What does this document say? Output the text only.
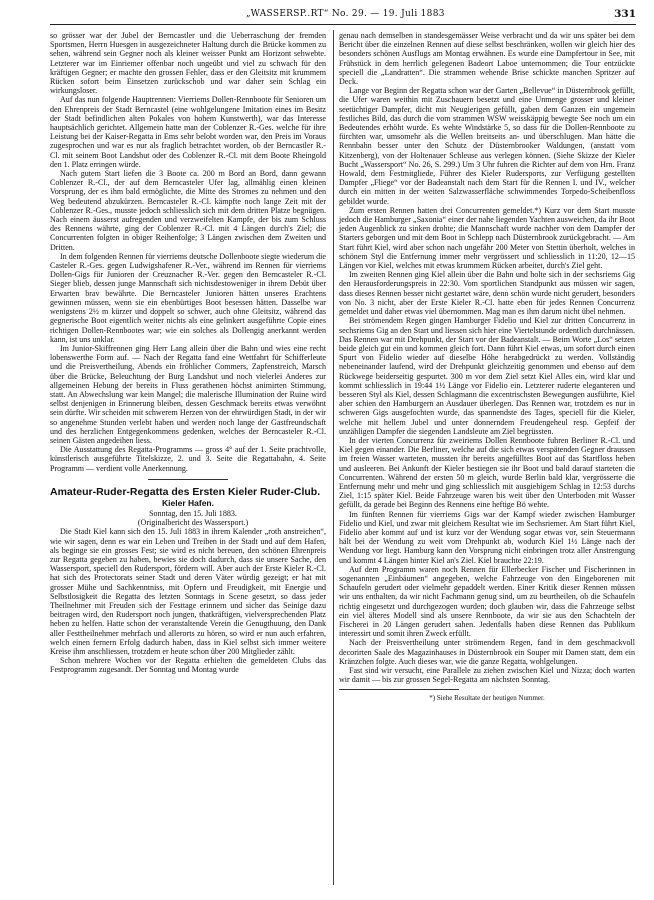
„WASSERSP..RT“ No. 29. — 19. Juli 1883	331

so grösser war der Jubel der Berncastler und die Ueberraschung der fremden Sportsmen, Herrn Huesgen in ausgezeichneter Haltung durch die Brücke kommen zu sehen, während sein Gegner noch als kleiner weisser Punkt am Horizont sehwebte. Letzterer war im Einriemer offenbar noch ungeübt und viel zu schwach für den kräftigen Gegner; er machte den grossen Fehler, dass er den Gleitsitz mit krummem Rücken sofort beim Einsetzen zurückschob und war daher sein Schlag ein wirkungsloser.

Auf das nun folgende Hauptrennen: Vierriems Dollen-Rennboote für Senioren um den Ehrenpreis der Stadt Berncastel (eine wohlgelungene Imitation eines im Besitz der Stadt befindlichen alten Pokales von hohem Kunstwerth), war das Interesse hauptsächlich gerichtet. Allgemein hatte man der Coblenzer R.-Ges. welche für ihre Leistung bei der Kaiser-Regatta in Ems sehr belobt worden war, den Preis im Voraus zugesprochen und war es nur als fraglich betrachtet worden, ob der Berncastler R.-Cl. mit seinem Boot Landshut oder des Coblenzer R.-Cl. mit dem Boote Rheingold den 1. Platz erringen würde.

Nach gutem Start liefen die 3 Boote ca. 200 m Bord an Bord, dann gewann Coblenzer R.-Cl., der auf dem Berncasteler Ufer lag, allmählig einen kleinen Vorsprung, der es ihm bald ermöglichte, die Mitte des Stromes zu nehmen und den Weg bedeutend abzukürzen. Berncasteler R.-Cl. kämpfte noch lange Zeit mit der Coblenzer R.-Ges., musste jedoch schliesslich sich mit dem dritten Platze begnügen. Nach einem äusserst aufregenden und verzweifelten Kampfe, der bis zum Schluss des Rennens währte, ging der Coblenzer R.-Cl. mit 4 Längen durch's Ziel; die Concurrenten folgten in obiger Reihenfolge; 3 Längen zwischen dem Zweiten und Dritten.

In dem folgenden Rennen für vierriems deutsche Dollenboote siegte wiederum die Casteler R.-Ges. gegen Ludwigshafener R.-Ver., während im Rennen für vierriems Dollen-Gigs für Junioren der Creuznacher R.-Ver. gegen den Berncasteler R.-Cl. Sieger blieb, dessen junge Mannschaft sich nichtsdestoweniger in ihrem Debüt über Erwarten brav bewährte. Die Berncasteler Junioren hätten unseres Erachtens gewinnen müssen, wenn sie ein ebenbürtiges Boot besessen hätten. Dasselbe war wenigstens 2½ m kürzer und doppelt so schwer, auch ohne Gleitsitz, während das gegnerische Boot eigentlich weiter nichts als eine gelinkert ausgeführte Copie eines richtigen Dollen-Rennbootes war; wie ein solches als Dollengig anerkannt werden kann, ist uns unklar.

Im Junior-Skiffrennen ging Herr Lang allein über die Bahn und wies eine recht lobenswerthe Form auf. — Nach der Regatta fand eine Wettfahrt für Schifferleute und die Preisvertheilung, Abends ein fröhlicher Commers, Zapfenstreich, Marsch über die Brücke, Beleuchtung der Burg Landshut und noch vielerlei Anderes zur allgemeinen Hebung der bereits in Fluss gerathenen höchst animirten Stimmung, statt. An Abwechslung war kein Mangel; die malerische Illumination der Ruine wird selbst denjenigen in Erinnerung bleiben, dessen Geschmack bereits etwas verwöhnt sein dürfte. Wir scheiden mit schwerem Herzen von der ehrwürdigen Stadt, in der wir so angenehme Stunden verlebt haben und werden noch lange der Gastfreundschaft und des herzlichen Entgegenkommens gedenken, welches der Berncasteler R.-Cl. seinen Gästen angedeihen liess.

Die Ausstattung des Regatta-Programms — gross 4° auf der 1. Seite prachtvolle, künstlerisch ausgeführte Titelskizze, 2. und 3. Seite die Regattabahn, 4. Seite Programm — verdient volle Anerkennung.

Amateur-Ruder-Regatta des Ersten Kieler Ruder-Club.
Kieler Hafen.

Sonntag, den 15. Juli 1883.

(Originalbericht des Wassersport.)

Die Stadt Kiel kann sich den 15. Juli 1883 in ihrem Kalender „roth anstreichen“, wie wir sagen, denn es war ein Leben und Treiben in der Stadt und auf dem Hafen, als beginge sie ein grosses Fest; sie wird es nicht bereuen, den schönen Ehrenpreis zur Regatta gegeben zu haben, bewies sie doch dadurch, dass sie unsere Sache, den Wassersport, speciell den Rudersport, fördern will. Aber auch der Erste Kieler R.-Cl. hat sich des Protectorats seiner Stadt und deren Väter würdig gezeigt; er hat mit grosser Mühe und Sachkenntniss, mit Opfern und Freudigkeit, mit Energie und Selbstlosigkeit die Regatta des letzten Sonntags in Scene gesetzt, so dass jeder Theilnehmer mit Freuden sich der Festtage erinnern und sicher das Seinige dazu beitragen wird, den Rudersport noch jungen, thatkräftigen, vielversprechenden Platz heben zu helfen. Hatte schon der veranstaltende Verein die Genugthuung, den Dank aller Festtheilnehmer mehrfach und allerorts zu hören, so wird er nun auch erfahren, welch einen fernern Erfolg dadurch haben, dass in Kiel selbst sich immer weitere Kreise ihm anschliessen, trotzdem er heute schon über 200 Mitglieder zählt.

Schon mehrere Wochen vor der Regatta erhielten die gemeldeten Clubs das Festprogramm zugesandt. Der Sonntag und Montag wurde

genau nach demselben in standesgemässer Weise verbracht und da wir uns später bei dem Bericht über die einzelnen Rennen auf diese selbst beschränken, wollen wir gleich hier des besonders schönen Ausflugs am Montag erwähnen. Es wurde eine Dampfertour in See, mit Frühstück in dem herrlich gelegenen Badeort Laboe unternommen; die Tour entzückte speciell die „Landratten“. Die strammen wehende Brise schickte manchen Spritzer auf Deck.

Lange vor Beginn der Regatta schon war der Garten „Bellevue“ in Düsternbrook gefüllt, die Ufer waren weithin mit Zuschauern besetzt und eine Unmenge grosser und kleiner seetüchtiger Dampfer, dicht mit Neugierigen gefüllt, gaben dem Ganzen ein ungemein festliches Bild, das durch die vom strammen WSW weisskäppig bewegte See noch um ein Bedeutendes erhöht wurde. Es wehte Windstärke 5, so dass für die Dollen-Rennboote zu fürchten war, umsomehr als die Wellen breitseits an- und überschlugen. Man hätte die Rennbahn besser unter den Schutz der Düsternbrooker Waldungen, (anstatt vom Kitzenberg), von der Holtenauer Schleuse aus verlegen können. (Siehe Skizze der Kieler Bucht „Wassersport“ No. 26, S. 299.) Um 3 Uhr fuhren die Richter auf dem von Hrn. Franz Howald, dem Festmitgliede, Führer des Kieler Rudersports, zur Verfügung gestellten Dampfer „Fliege“ vor der Badeanstalt nach dem Start für die Rennen I. und IV., welcher durch ein mitten in der weiten Salzwasserfläche schwimmendes Torpedo-Scheibenfloss gebildet wurde.

Zum ersten Rennen hatten drei Concurrenten gemeldet.*) Kurz vor dem Start musste jedoch die Hamburger „Saxonia“ einer der nahe liegenden Yachten ausweichen, da ihr Boot jeden Augenblick zu sinken drohte; die Mannschaft wurde nachher von dem Dampfer der Starters geborgen und mit dem Boot in Schlepp nach Düsternbrook zurückgebracht. — Am Start führt Kiel, wird aber schon nach ungefähr 200 Meter von Stettin überholt, welches in schönem Styl die Entfernung immer mehr vergrössert und schliesslich in 11:20, 12—15 Längen vor Kiel, welches mit etwas krummem Rücken arbeitet, durch's Ziel geht.

Im zweiten Rennen ging Kiel allein über die Bahn und holte sich in der sechsriems Gig den Herausforderungspreis in 22:30. Vom sportlichen Standpunkt aus müssen wir sagen, dass dieses Rennen besser nicht gestartet wäre, denn schön wurde nicht gerudert, besonders von No. 3 nicht, aber der Erste Kieler R.-Cl. hatte eben für jedes Rennen Concurrenz gemeldet und daher etwas viel übernommen. Mag man es ihm darum nicht übel nehmen.

Bei strömendem Regen gingen Hamburger Fidelio und Kiel zur dritten Concurrenz in sechsriems Gig an den Start und liessen sich hier eine Viertelstunde ordentlich durchnässen. Das Rennen war mit Drehpunkt, der Start vor der Badeanstalt. — Beim Worte „Los“ setzen beide gleich gut ein und kommen gleich fort. Dann führt Kiel etwas, um sofort durch einen Spurt von Fidelio wieder auf dieselbe Höhe herabgedrückt zu werden. Vollständig nebeneinander laufend, wird der Drehpunkt gleichzeitig genommen und ebenso auf dem Rückwege beiderseitig gespurtet. 300 m vor dem Ziel setzt Kiel Alles ein, wird klar und kommt schliesslich in 19:44 1½ Länge vor Fidelio ein. Letzterer ruderte eleganteren und besseren Styl als Kiel, dessen Schlagmann die excentrischsten Bewegungen ausführte, Kiel aber schien den Hamburgern an Ausdauer überlegen. Das Rennen war, trotzdem es nur in schweren Gigs ausgefochten wurde, das spannendste des Tages, speciell für die Kieler, welche mit hellem Jubel und unter donnerndem Freudengeheul resp. Gepfeif der unzähligen Dampfer die siegenden Landsleute am Ziel begrüssten.

In der vierten Concurrenz für zweiriems Dollen Rennboote fuhren Berliner R.-Cl. und Kiel gegen einander. Die Berliner, welche auf die sich etwas verspätenden Gegner draussen im freien Wasser warteten, mussten ihr bereits angefülltes Boot auf das Startfloss heben und ausleeren. Bei Ankunft der Kieler bestiegen sie ihr Boot und bald darauf starteten die Concurrenten. Während der ersten 50 m gleich, wurde Berlin bald klar, vergrösserte die Entfernung mehr und mehr und ging schliesslich mit ausgiebigem Schlag in 12:53 durchs Ziel, 1:15 später Kiel. Beide Fahrzeuge waren bis weit über den Unterboden mit Wasser gefüllt, da gerade bei Beginn des Rennens eine heftige Bö wehte.

Im fünften Rennen für vierriems Gigs war der Kampf wieder zwischen Hamburger Fidelio und Kiel, und zwar mit gleichem Resultat wie im Sechsriemer. Am Start führt Kiel, Fidelio aber kommt auf und ist kurz vor der Wendung sogar etwas vor, sein Steuermann hält bei der Wendung zu weit vom Drehpunkt ab, wodurch Kiel 1½ Länge nach der Wendung vor liegt. Hamburg kann den Vorsprung nicht einbringen trotz aller Anstrengung und kommt 4 Längen hinter Kiel an's Ziel. Kiel brauchte 22:19.

Auf dem Programm waren noch Rennen für Ellerbecker Fischer und Fischerinnen in sogenannten „Einbäumen“ angegeben, welche Fahrzeuge von den Eingeborenen mit Schaufeln gerudert oder vielmehr gepaddelt werden. Einer Kritik dieser Rennen müssen wir uns enthalten, da wir nicht Fachmann genug sind, um zu beurtheilen, ob die Schaufeln richtig eingesetzt und durchgezogen wurden; doch glauben wir, dass die Fahrzeuge selbst ein viel älteres Modell sind als unsere Rennboote, da wir sie aus den Schachteln der Fischerei in 20 Längen gerudert sahen. Jedenfalls haben diese Rennen das Publikum interessirt und somit ihren Zweck erfüllt.

Nach der Preisvertheilung unter strömendem Regen, fand in dem geschmackvoll decorirten Saale des Magazinhauses in Düsternbrook ein Souper mit Damen statt, dem ein Kränzchen folgte. Auch dieses war, wie die ganze Regatta, wohlgelungen.

Fast sind wir versucht, eine Parallele zu ziehen zwischen Kiel und Nizza; doch warten wir damit — bis zur grossen Segel-Regatta am nächsten Sonntag.

*) Siehe Resultate der heutigen Nummer.
